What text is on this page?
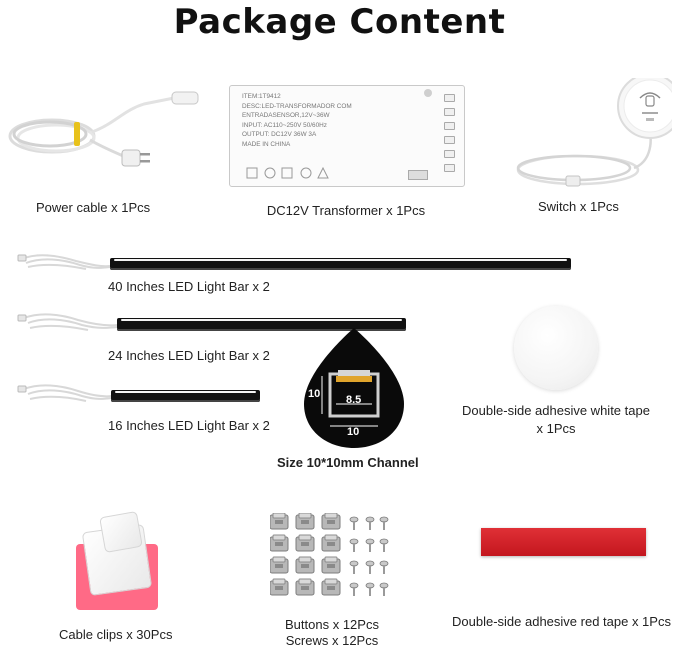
Package Content
Power cable x 1Pcs
ITEM:1T9412
DESC:LED-TRANSFORMADOR COM
ENTRADASENSOR,12V~36W
INPUT: AC110~250V 50/60Hz
OUTPUT: DC12V 36W 3A
MADE IN CHINA
DC12V Transformer x 1Pcs	Switch x 1Pcs
40 Inches LED Light Bar x 2
24 Inches LED Light Bar x 2
16 Inches LED Light Bar x 2
10 8.5
10
Size 10*10mm Channel
Double-side adhesive white tape
x 1Pcs
Cable clips x 30Pcs
Buttons x 12Pcs
Screws x 12Pcs
Double-side adhesive red tape x 1Pcs
